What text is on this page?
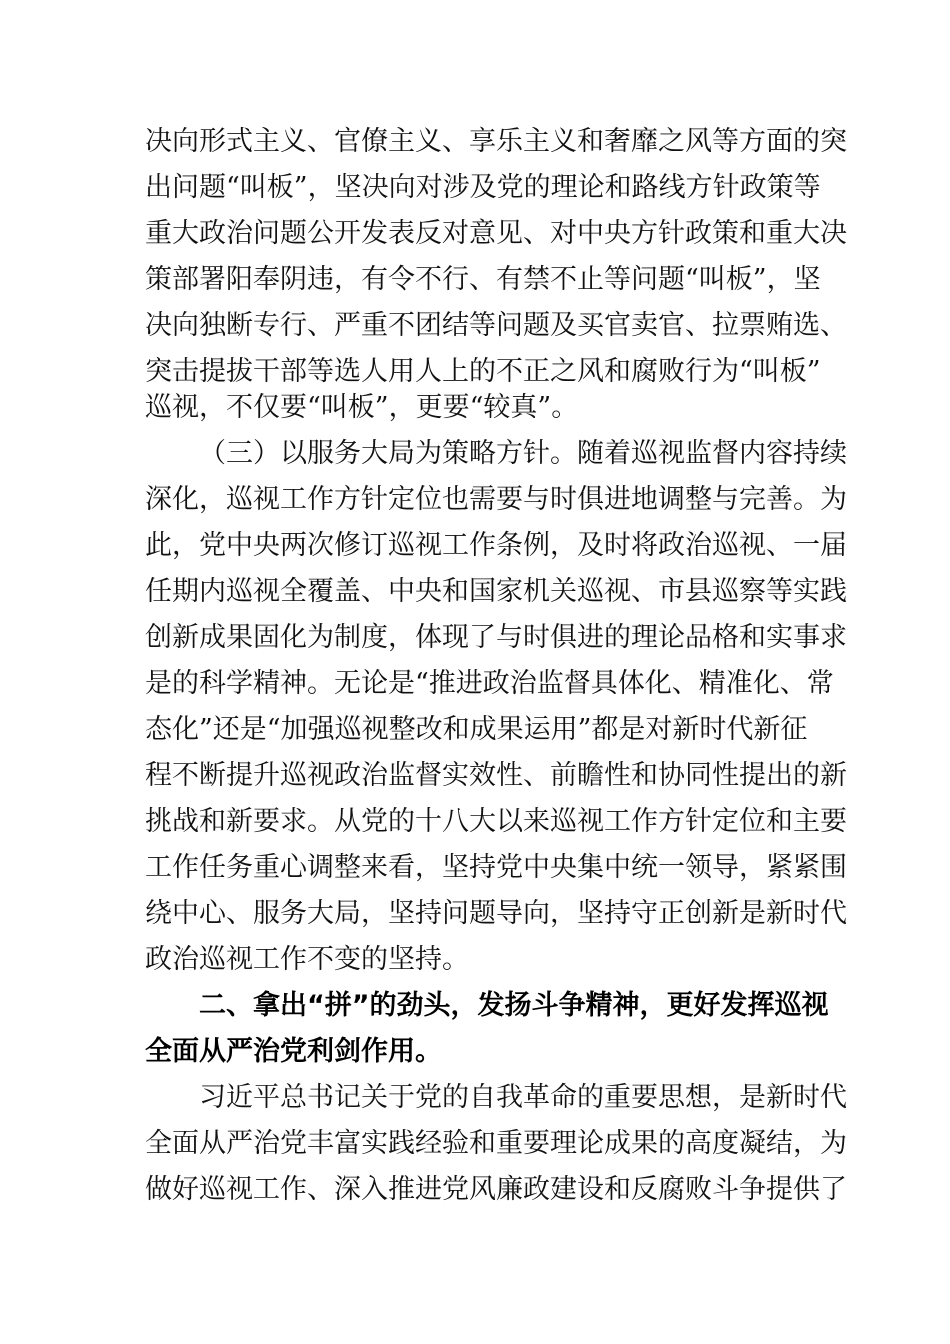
决向形式主义、官僚主义、享乐主义和奢靡之风等方面的突
出问题“叫板”，坚决向对涉及党的理论和路线方针政策等
重大政治问题公开发表反对意见、对中央方针政策和重大决
策部署阳奉阴违，有令不行、有禁不止等问题“叫板”，坚
决向独断专行、严重不团结等问题及买官卖官、拉票贿选、
突击提拔干部等选人用人上的不正之风和腐败行为“叫板”
巡视，不仅要“叫板”，更要“较真”。
（三）以服务大局为策略方针。随着巡视监督内容持续
深化，巡视工作方针定位也需要与时俱进地调整与完善。为
此，党中央两次修订巡视工作条例，及时将政治巡视、一届
任期内巡视全覆盖、中央和国家机关巡视、市县巡察等实践
创新成果固化为制度，体现了与时俱进的理论品格和实事求
是的科学精神。无论是“推进政治监督具体化、精准化、常
态化”还是“加强巡视整改和成果运用”都是对新时代新征
程不断提升巡视政治监督实效性、前瞻性和协同性提出的新
挑战和新要求。从党的十八大以来巡视工作方针定位和主要
工作任务重心调整来看，坚持党中央集中统一领导，紧紧围
绕中心、服务大局，坚持问题导向，坚持守正创新是新时代
政治巡视工作不变的坚持。
二、拿出“拼”的劲头，发扬斗争精神，更好发挥巡视
全面从严治党利剑作用。
习近平总书记关于党的自我革命的重要思想，是新时代
全面从严治党丰富实践经验和重要理论成果的高度凝结，为
做好巡视工作、深入推进党风廉政建设和反腐败斗争提供了
